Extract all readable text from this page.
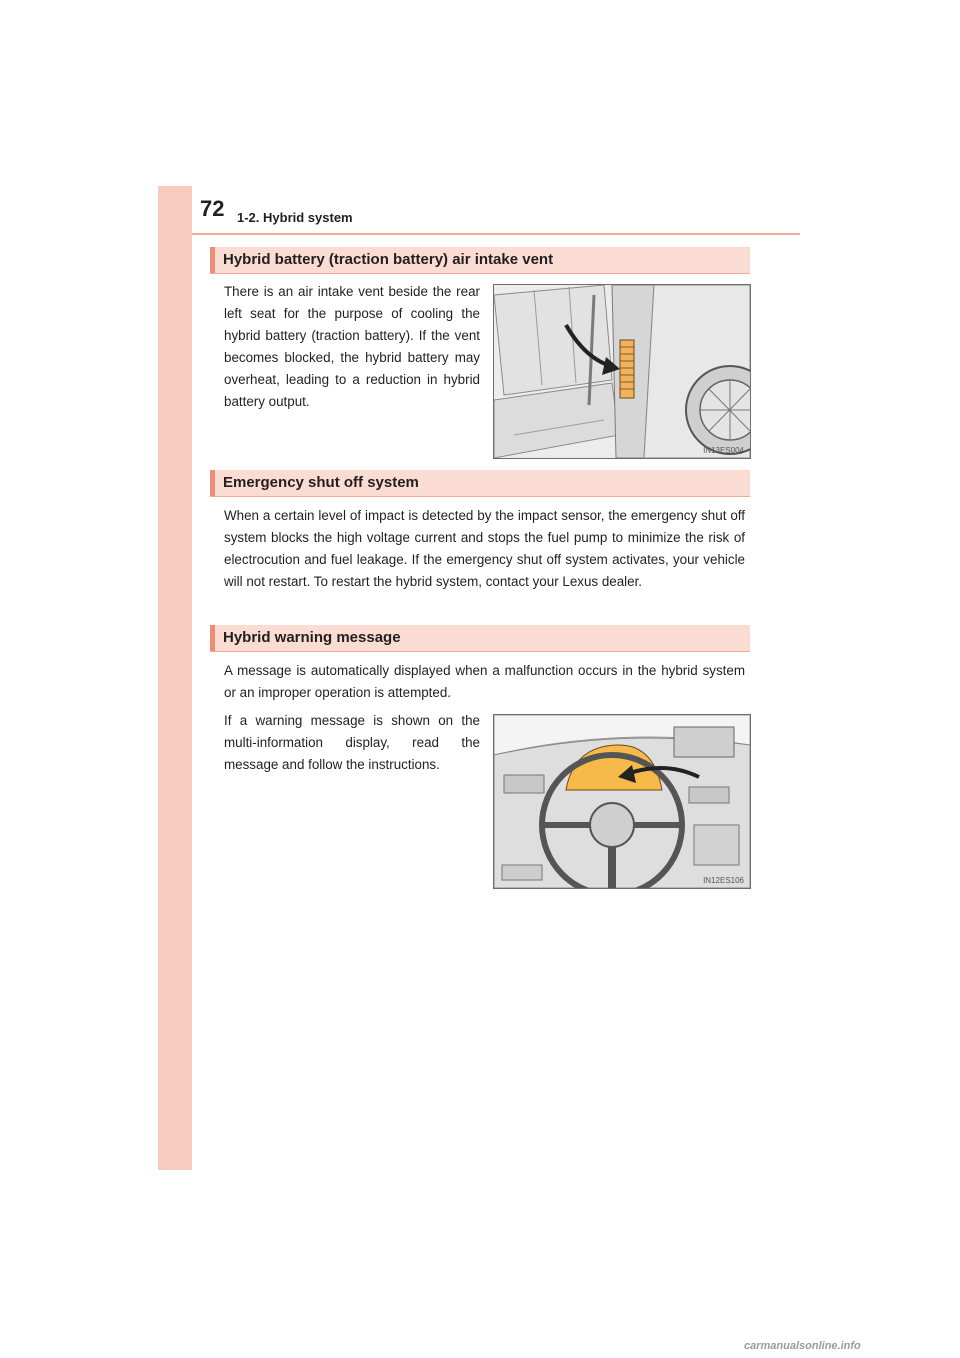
72 1-2. Hybrid system
Hybrid battery (traction battery) air intake vent

There is an air intake vent beside the rear left seat for the purpose of cooling the hybrid battery (traction battery). If the vent becomes blocked, the hybrid battery may overheat, leading to a reduction in hybrid battery output.

IN13ES004
Emergency shut off system

When a certain level of impact is detected by the impact sensor, the emergency shut off system blocks the high voltage current and stops the fuel pump to minimize the risk of electrocution and fuel leakage. If the emergency shut off system activates, your vehicle will not restart. To restart the hybrid system, contact your Lexus dealer.

Hybrid warning message

A message is automatically displayed when a malfunction occurs in the hybrid system or an improper operation is attempted.

If a warning message is shown on the multi-information display, read the message and follow the instructions.

IN12ES106
carmanualsonline.info
